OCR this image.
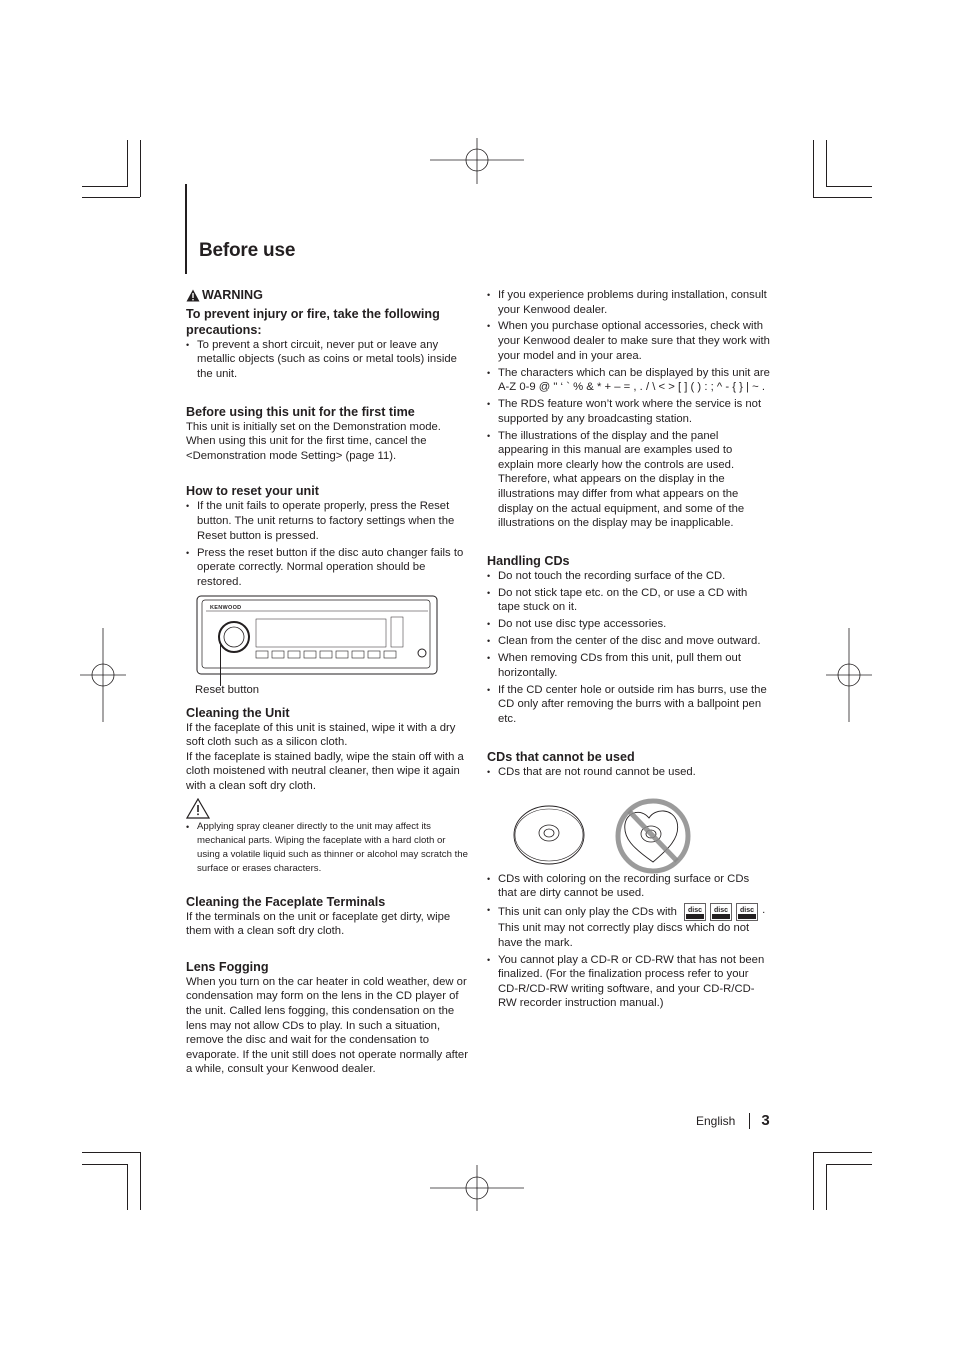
Before use
WARNING
To prevent injury or fire, take the following precautions:
• To prevent a short circuit, never put or leave any metallic objects (such as coins or metal tools) inside the unit.
Before using this unit for the first time

This unit is initially set on the Demonstration mode. When using this unit for the first time, cancel the <Demonstration mode Setting> (page 11).

How to reset your unit
• If the unit fails to operate properly, press the Reset button. The unit returns to factory settings when the Reset button is pressed.
• Press the reset button if the disc auto changer fails to operate correctly. Normal operation should be restored.
KENWOOD
Reset button
Cleaning the Unit

If the faceplate of this unit is stained, wipe it with a dry soft cloth such as a silicon cloth.

If the faceplate is stained badly, wipe the stain off with a cloth moistened with neutral cleaner, then wipe it again with a clean soft dry cloth.

• Applying spray cleaner directly to the unit may affect its mechanical parts. Wiping the faceplate with a hard cloth or using a volatile liquid such as thinner or alcohol may scratch the surface or erases characters.
Cleaning the Faceplate Terminals

If the terminals on the unit or faceplate get dirty, wipe them with a clean soft dry cloth.

Lens Fogging

When you turn on the car heater in cold weather, dew or condensation may form on the lens in the CD player of the unit. Called lens fogging, this condensation on the lens may not allow CDs to play. In such a situation, remove the disc and wait for the condensation to evaporate. If the unit still does not operate normally after a while, consult your Kenwood dealer.

• If you experience problems during installation, consult your Kenwood dealer.
• When you purchase optional accessories, check with your Kenwood dealer to make sure that they work with your model and in your area.
• The characters which can be displayed by this unit are A-Z 0-9 @ " ‘ ` % & * + – = , . / \ < > [ ] ( ) : ; ^ - { } | ~ .
• The RDS feature won’t work where the service is not supported by any broadcasting station.
• The illustrations of the display and the panel appearing in this manual are examples used to explain more clearly how the controls are used. Therefore, what appears on the display in the illustrations may differ from what appears on the display on the actual equipment, and some of the illustrations on the display may be inapplicable.
Handling CDs
• Do not touch the recording surface of the CD.
• Do not stick tape etc. on the CD, or use a CD with tape stuck on it.
• Do not use disc type accessories.
• Clean from the center of the disc and move outward.
• When removing CDs from this unit, pull them out horizontally.
• If the CD center hole or outside rim has burrs, use the CD only after removing the burrs with a ballpoint pen etc.
CDs that cannot be used
• CDs that are not round cannot be used.
• CDs with coloring on the recording surface or CDs that are dirty cannot be used.
• This unit can only play the CDs with disc disc disc .

This unit may not correctly play discs which do not have the mark.
• You cannot play a CD-R or CD-RW that has not been finalized. (For the finalization process refer to your CD-R/CD-RW writing software, and your CD-R/CD-RW recorder instruction manual.)
English 3
